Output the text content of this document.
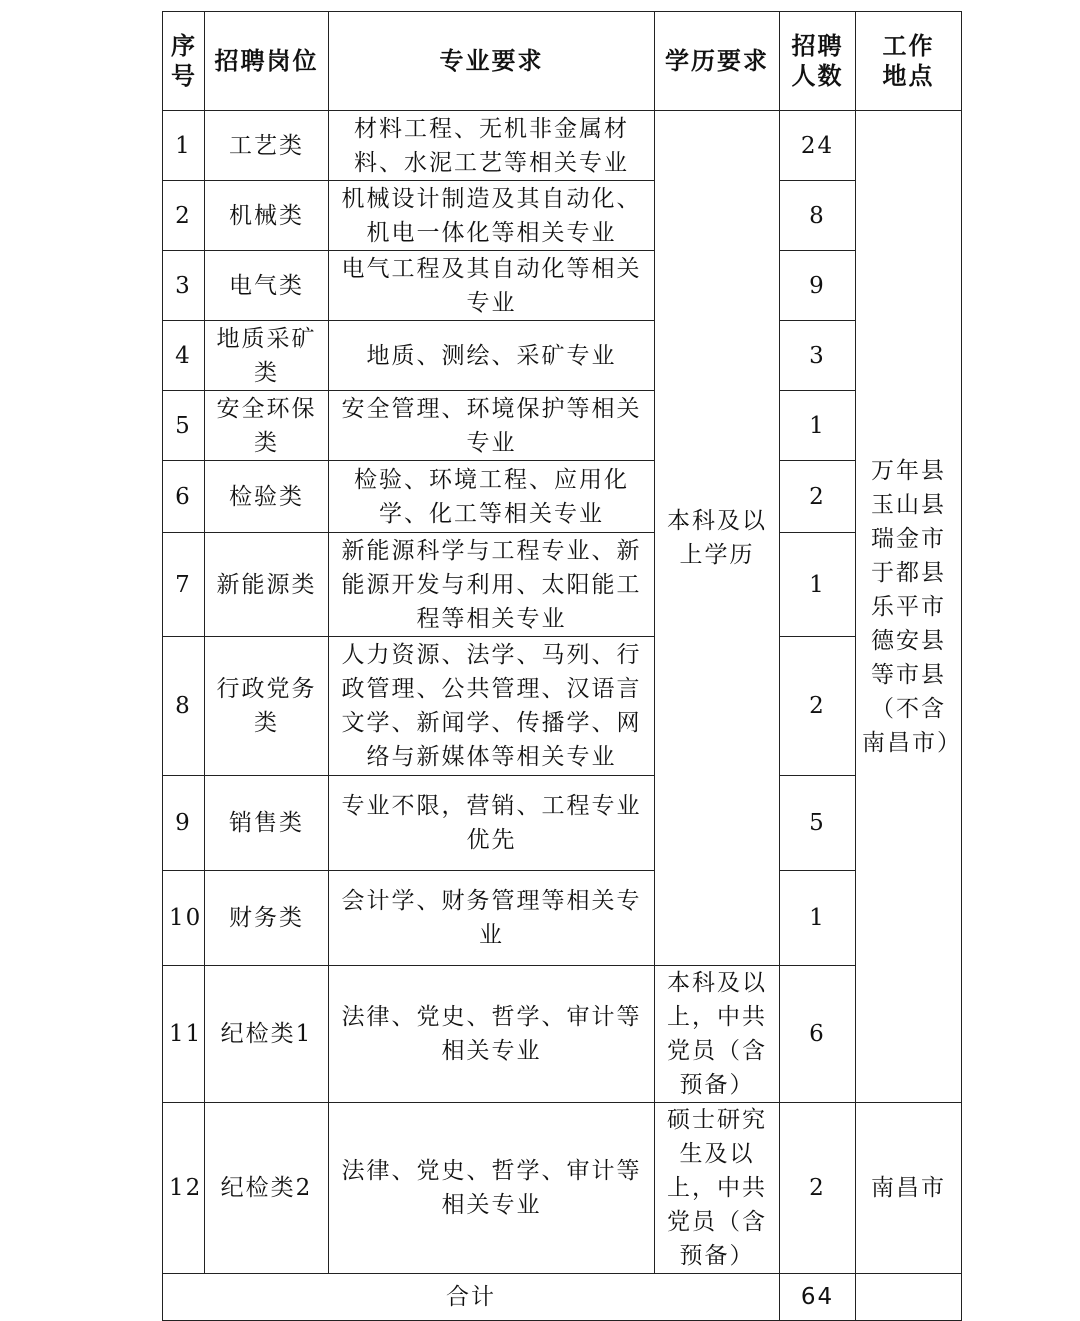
序号	招聘岗位	专业要求	学历要求	招聘人数	工作地点
1	工艺类	材料工程、无机非金属材料、水泥工艺等相关专业	本科及以上学历	24	万年县玉山县瑞金市于都县乐平市德安县等市县（不含南昌市）
2	机械类	机械设计制造及其自动化、机电一体化等相关专业		8	
3	电气类	电气工程及其自动化等相关专业		9	
4	地质采矿类	地质、测绘、采矿专业		3	
5	安全环保类	安全管理、环境保护等相关专业		1	
6	检验类	检验、环境工程、应用化学、化工等相关专业		2	
7	新能源类	新能源科学与工程专业、新能源开发与利用、太阳能工程等相关专业		1	
8	行政党务类	人力资源、法学、马列、行政管理、公共管理、汉语言文学、新闻学、传播学、网络与新媒体等相关专业		2	
9	销售类	专业不限，营销、工程专业优先		5	
10	财务类	会计学、财务管理等相关专业		1	
11	纪检类1	法律、党史、哲学、审计等相关专业	本科及以上，中共党员（含预备）	6	
12	纪检类2	法律、党史、哲学、审计等相关专业	硕士研究生及以上，中共党员（含预备）	2	南昌市
合计				64	
